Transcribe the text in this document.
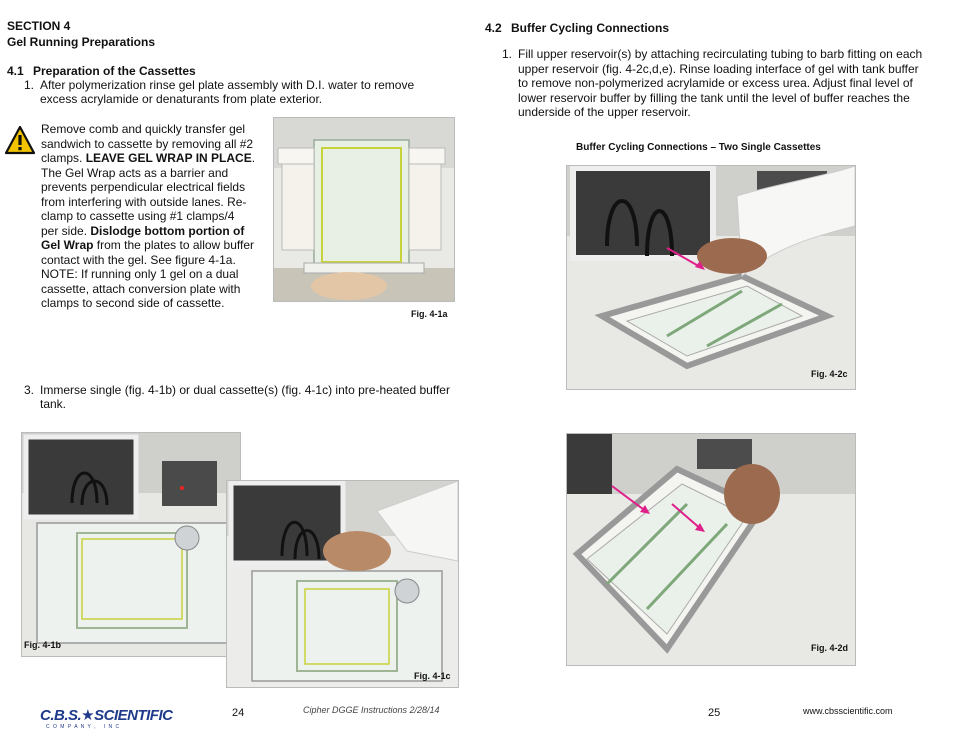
SECTION 4
Gel Running Preparations
4.1 Preparation of the Cassettes
1. After polymerization rinse gel plate assembly with D.I. water to remove
excess acrylamide or denaturants from plate exterior.
Remove comb and quickly transfer gel
sandwich to cassette by removing all #2
clamps. LEAVE GEL WRAP IN PLACE.
The Gel Wrap acts as a barrier and
prevents perpendicular electrical fields
from interfering with outside lanes. Re-
clamp to cassette using #1 clamps/4
per side. Dislodge bottom portion of
Gel Wrap from the plates to allow buffer
contact with the gel. See figure 4-1a.
NOTE: If running only 1 gel on a dual
cassette, attach conversion plate with
clamps to second side of cassette.
Fig. 4-1a
3. Immerse single (fig. 4-1b) or dual cassette(s) (fig. 4-1c) into pre-heated buffer
tank.
Fig. 4-1b
Fig. 4-1c
4.2 Buffer Cycling Connections
1. Fill upper reservoir(s) by attaching recirculating tubing to barb fitting on each
upper reservoir (fig. 4-2c,d,e). Rinse loading interface of gel with tank buffer
to remove non-polymerized acrylamide or excess urea. Adjust final level of
lower reservoir buffer by filling the tank until the level of buffer reaches the
underside of the upper reservoir.
Buffer Cycling Connections – Two Single Cassettes
Fig. 4-2c
Fig. 4-2d
C.B.S.★SCIENTIFIC
C O M P A N Y ,   I N C
24	Cipher DGGE Instructions 2/28/14	25	www.cbsscientific.com
